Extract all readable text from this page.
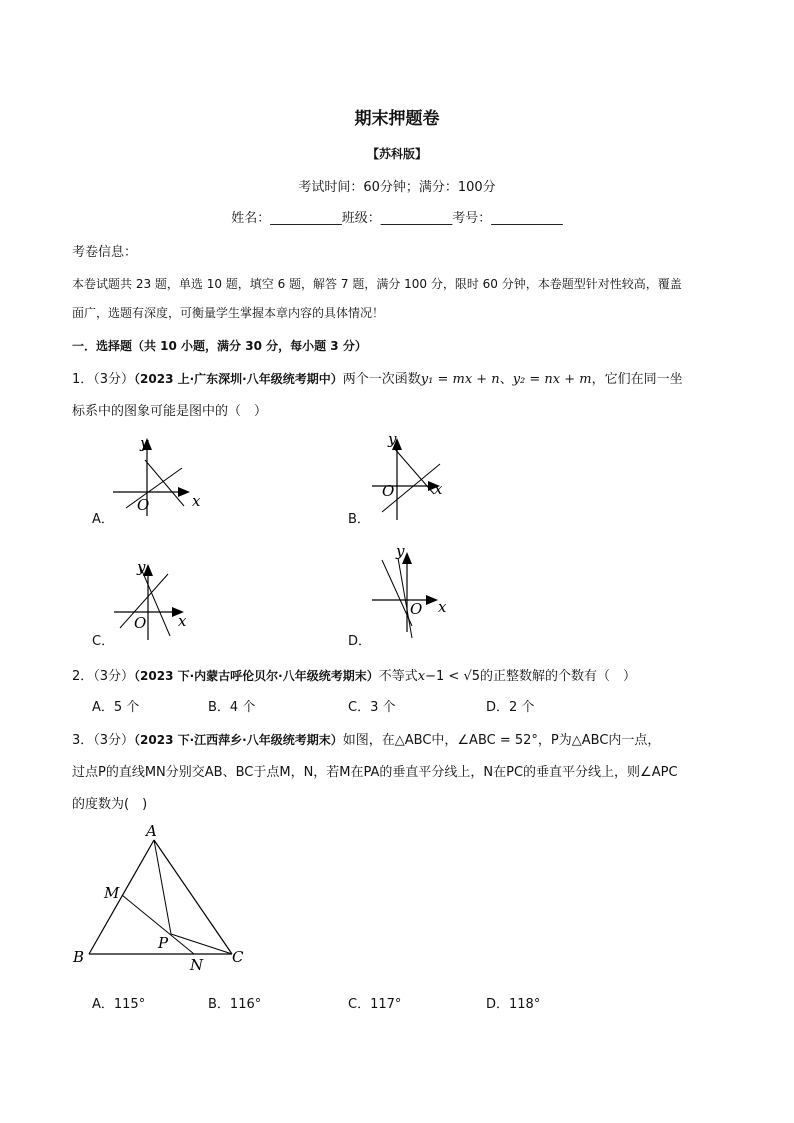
期末押题卷
【苏科版】
考试时间：60分钟；满分：100分
姓名：___________班级：___________考号：___________
考卷信息：
本卷试题共 23 题，单选 10 题，填空 6 题，解答 7 题，满分 100 分，限时 60 分钟，本卷题型针对性较高，覆盖
面广，选题有深度，可衡量学生掌握本章内容的具体情况！
一．选择题（共 10 小题，满分 30 分，每小题 3 分）
1．（3分）（2023 上·广东深圳·八年级统考期中）两个一次函数y₁ = mx + n、y₂ = nx + m，它们在同一坐
标系中的图象可能是图中的（　）
A．
x
y
O
B．
x
y
O
C．
x
y
O
D．
x
y
O
2．（3分）（2023 下·内蒙古呼伦贝尔·八年级统考期末）不等式x−1 < √5的正整数解的个数有（　）
A．5 个	B．4 个	C．3 个	D．2 个
3．（3分）（2023 下·江西萍乡·八年级统考期末）如图，在△ABC中，∠ABC = 52°，P为△ABC内一点，
过点P的直线MN分别交AB、BC于点M，N，若M在PA的垂直平分线上，N在PC的垂直平分线上，则∠APC
的度数为(　)
A
B	C
M
N
P
A．115°	B．116°	C．117°	D．118°
